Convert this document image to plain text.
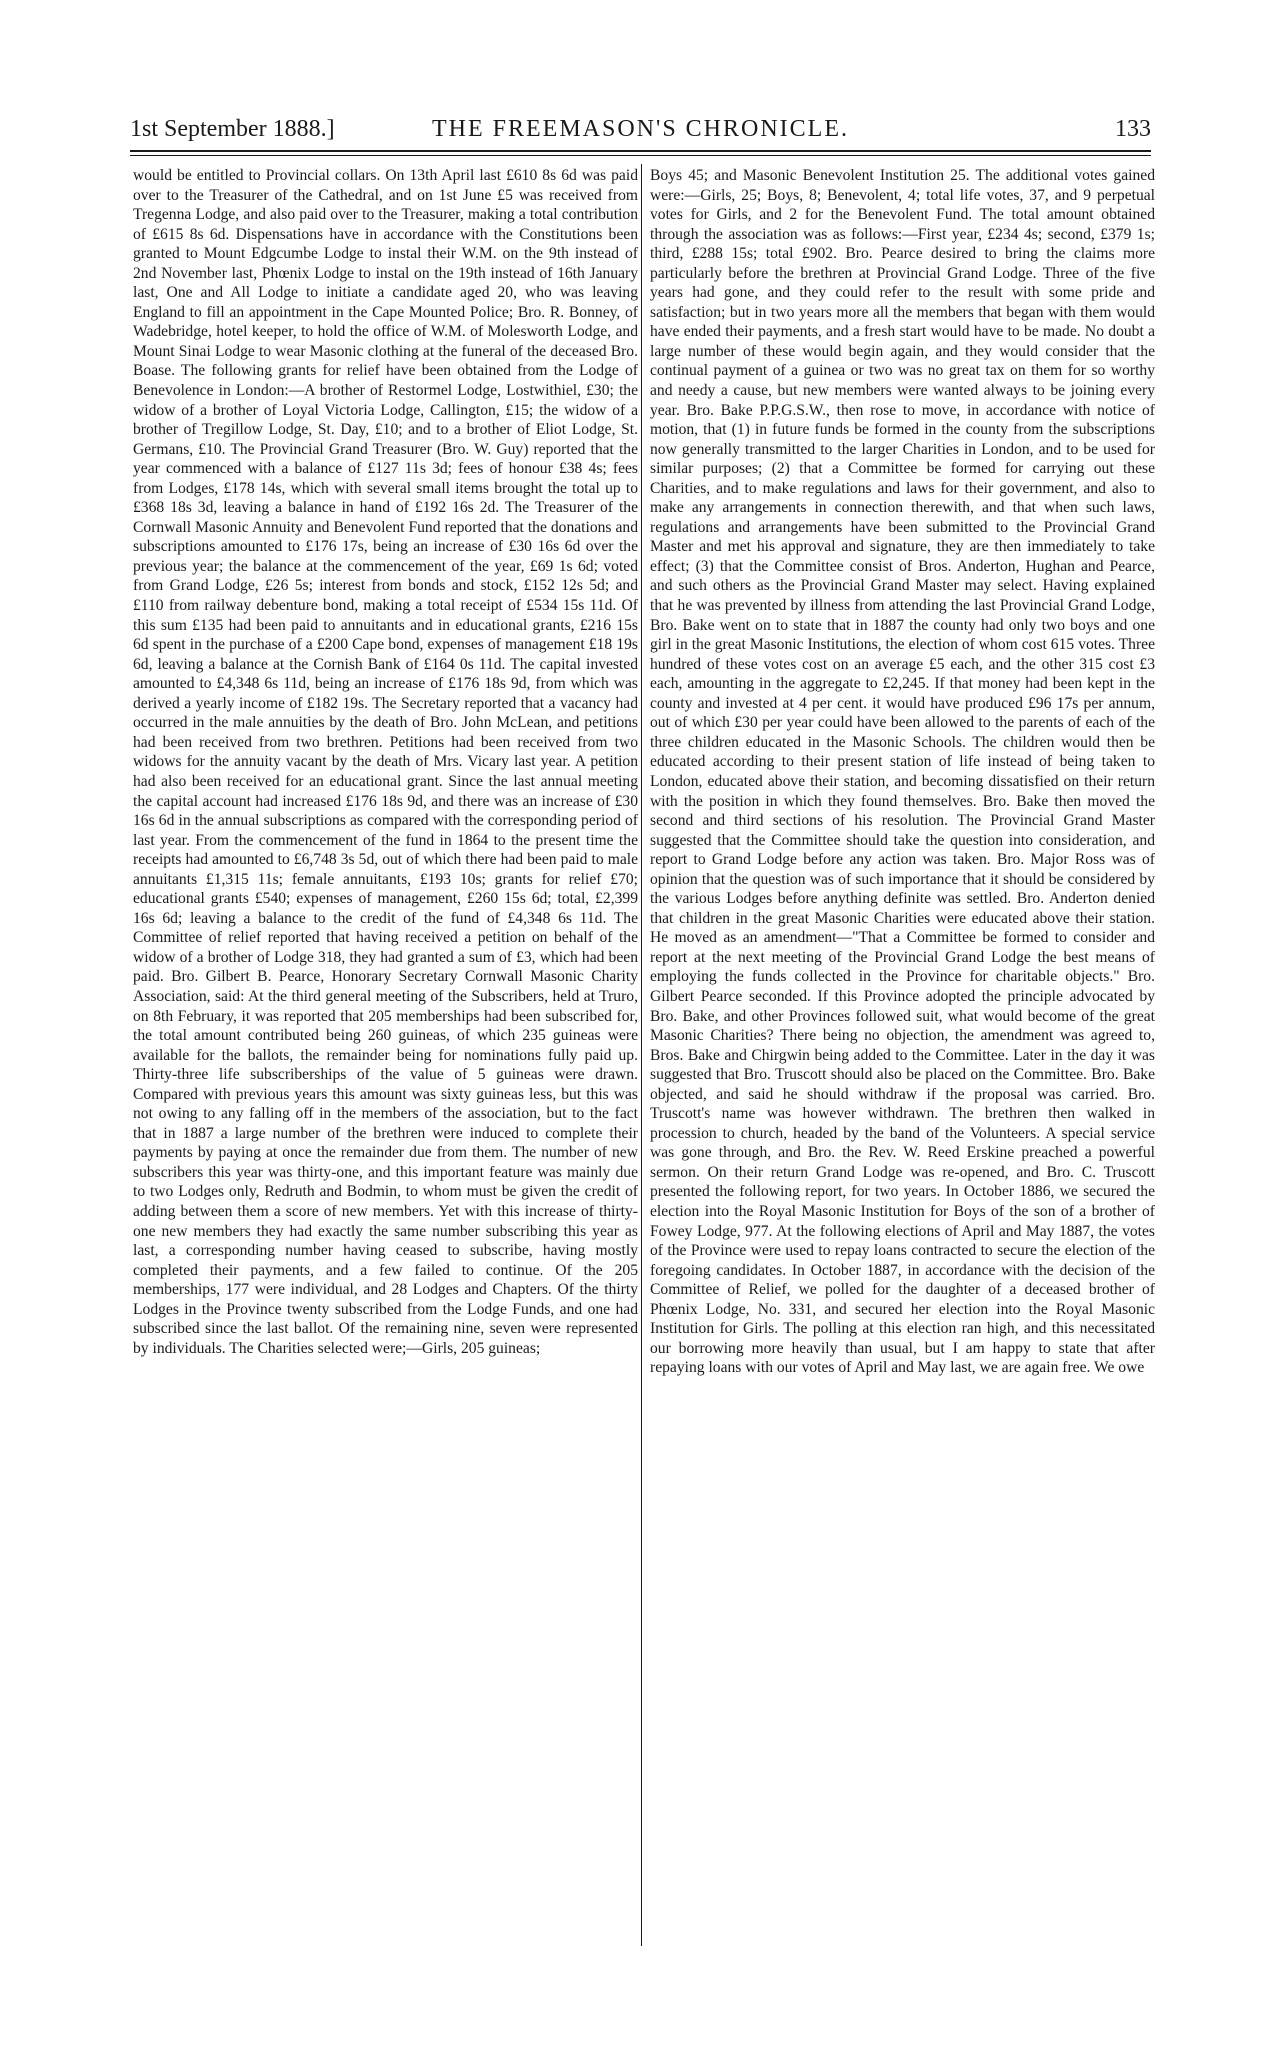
1st September 1888.]	THE FREEMASON'S CHRONICLE.	133

would be entitled to Provincial collars. On 13th April last £610 8s 6d was paid over to the Treasurer of the Cathedral, and on 1st June £5 was received from Tregenna Lodge, and also paid over to the Treasurer, making a total contribution of £615 8s 6d. Dispensations have in accordance with the Constitutions been granted to Mount Edgcumbe Lodge to instal their W.M. on the 9th instead of 2nd November last, Phœnix Lodge to instal on the 19th instead of 16th January last, One and All Lodge to initiate a candidate aged 20, who was leaving England to fill an appointment in the Cape Mounted Police; Bro. R. Bonney, of Wadebridge, hotel keeper, to hold the office of W.M. of Molesworth Lodge, and Mount Sinai Lodge to wear Masonic clothing at the funeral of the deceased Bro. Boase. The following grants for relief have been obtained from the Lodge of Benevolence in London:—A brother of Restormel Lodge, Lostwithiel, £30; the widow of a brother of Loyal Victoria Lodge, Callington, £15; the widow of a brother of Tregillow Lodge, St. Day, £10; and to a brother of Eliot Lodge, St. Germans, £10. The Provincial Grand Treasurer (Bro. W. Guy) reported that the year commenced with a balance of £127 11s 3d; fees of honour £38 4s; fees from Lodges, £178 14s, which with several small items brought the total up to £368 18s 3d, leaving a balance in hand of £192 16s 2d. The Treasurer of the Cornwall Masonic Annuity and Benevolent Fund reported that the donations and subscriptions amounted to £176 17s, being an increase of £30 16s 6d over the previous year; the balance at the commencement of the year, £69 1s 6d; voted from Grand Lodge, £26 5s; interest from bonds and stock, £152 12s 5d; and £110 from railway debenture bond, making a total receipt of £534 15s 11d. Of this sum £135 had been paid to annuitants and in educational grants, £216 15s 6d spent in the purchase of a £200 Cape bond, expenses of management £18 19s 6d, leaving a balance at the Cornish Bank of £164 0s 11d. The capital invested amounted to £4,348 6s 11d, being an increase of £176 18s 9d, from which was derived a yearly income of £182 19s. The Secretary reported that a vacancy had occurred in the male annuities by the death of Bro. John McLean, and petitions had been received from two brethren. Petitions had been received from two widows for the annuity vacant by the death of Mrs. Vicary last year. A petition had also been received for an educational grant. Since the last annual meeting the capital account had increased £176 18s 9d, and there was an increase of £30 16s 6d in the annual subscriptions as compared with the corresponding period of last year. From the commencement of the fund in 1864 to the present time the receipts had amounted to £6,748 3s 5d, out of which there had been paid to male annuitants £1,315 11s; female annuitants, £193 10s; grants for relief £70; educational grants £540; expenses of management, £260 15s 6d; total, £2,399 16s 6d; leaving a balance to the credit of the fund of £4,348 6s 11d. The Committee of relief reported that having received a petition on behalf of the widow of a brother of Lodge 318, they had granted a sum of £3, which had been paid. Bro. Gilbert B. Pearce, Honorary Secretary Cornwall Masonic Charity Association, said: At the third general meeting of the Subscribers, held at Truro, on 8th February, it was reported that 205 memberships had been subscribed for, the total amount contributed being 260 guineas, of which 235 guineas were available for the ballots, the remainder being for nominations fully paid up. Thirty-three life subscriberships of the value of 5 guineas were drawn. Compared with previous years this amount was sixty guineas less, but this was not owing to any falling off in the members of the association, but to the fact that in 1887 a large number of the brethren were induced to complete their payments by paying at once the remainder due from them. The number of new subscribers this year was thirty-one, and this important feature was mainly due to two Lodges only, Redruth and Bodmin, to whom must be given the credit of adding between them a score of new members. Yet with this increase of thirty-one new members they had exactly the same number subscribing this year as last, a corresponding number having ceased to subscribe, having mostly completed their payments, and a few failed to continue. Of the 205 memberships, 177 were individual, and 28 Lodges and Chapters. Of the thirty Lodges in the Province twenty subscribed from the Lodge Funds, and one had subscribed since the last ballot. Of the remaining nine, seven were represented by individuals. The Charities selected were;—Girls, 205 guineas;

Boys 45; and Masonic Benevolent Institution 25. The additional votes gained were:—Girls, 25; Boys, 8; Benevolent, 4; total life votes, 37, and 9 perpetual votes for Girls, and 2 for the Benevolent Fund. The total amount obtained through the association was as follows:—First year, £234 4s; second, £379 1s; third, £288 15s; total £902. Bro. Pearce desired to bring the claims more particularly before the brethren at Provincial Grand Lodge. Three of the five years had gone, and they could refer to the result with some pride and satisfaction; but in two years more all the members that began with them would have ended their payments, and a fresh start would have to be made. No doubt a large number of these would begin again, and they would consider that the continual payment of a guinea or two was no great tax on them for so worthy and needy a cause, but new members were wanted always to be joining every year. Bro. Bake P.P.G.S.W., then rose to move, in accordance with notice of motion, that (1) in future funds be formed in the county from the subscriptions now generally transmitted to the larger Charities in London, and to be used for similar purposes; (2) that a Committee be formed for carrying out these Charities, and to make regulations and laws for their government, and also to make any arrangements in connection therewith, and that when such laws, regulations and arrangements have been submitted to the Provincial Grand Master and met his approval and signature, they are then immediately to take effect; (3) that the Committee consist of Bros. Anderton, Hughan and Pearce, and such others as the Provincial Grand Master may select. Having explained that he was prevented by illness from attending the last Provincial Grand Lodge, Bro. Bake went on to state that in 1887 the county had only two boys and one girl in the great Masonic Institutions, the election of whom cost 615 votes. Three hundred of these votes cost on an average £5 each, and the other 315 cost £3 each, amounting in the aggregate to £2,245. If that money had been kept in the county and invested at 4 per cent. it would have produced £96 17s per annum, out of which £30 per year could have been allowed to the parents of each of the three children educated in the Masonic Schools. The children would then be educated according to their present station of life instead of being taken to London, educated above their station, and becoming dissatisfied on their return with the position in which they found themselves. Bro. Bake then moved the second and third sections of his resolution. The Provincial Grand Master suggested that the Committee should take the question into consideration, and report to Grand Lodge before any action was taken. Bro. Major Ross was of opinion that the question was of such importance that it should be considered by the various Lodges before anything definite was settled. Bro. Anderton denied that children in the great Masonic Charities were educated above their station. He moved as an amendment—"That a Committee be formed to consider and report at the next meeting of the Provincial Grand Lodge the best means of employing the funds collected in the Province for charitable objects." Bro. Gilbert Pearce seconded. If this Province adopted the principle advocated by Bro. Bake, and other Provinces followed suit, what would become of the great Masonic Charities? There being no objection, the amendment was agreed to, Bros. Bake and Chirgwin being added to the Committee. Later in the day it was suggested that Bro. Truscott should also be placed on the Committee. Bro. Bake objected, and said he should withdraw if the proposal was carried. Bro. Truscott's name was however withdrawn. The brethren then walked in procession to church, headed by the band of the Volunteers. A special service was gone through, and Bro. the Rev. W. Reed Erskine preached a powerful sermon. On their return Grand Lodge was re-opened, and Bro. C. Truscott presented the following report, for two years. In October 1886, we secured the election into the Royal Masonic Institution for Boys of the son of a brother of Fowey Lodge, 977. At the following elections of April and May 1887, the votes of the Province were used to repay loans contracted to secure the election of the foregoing candidates. In October 1887, in accordance with the decision of the Committee of Relief, we polled for the daughter of a deceased brother of Phœnix Lodge, No. 331, and secured her election into the Royal Masonic Institution for Girls. The polling at this election ran high, and this necessitated our borrowing more heavily than usual, but I am happy to state that after repaying loans with our votes of April and May last, we are again free. We owe
